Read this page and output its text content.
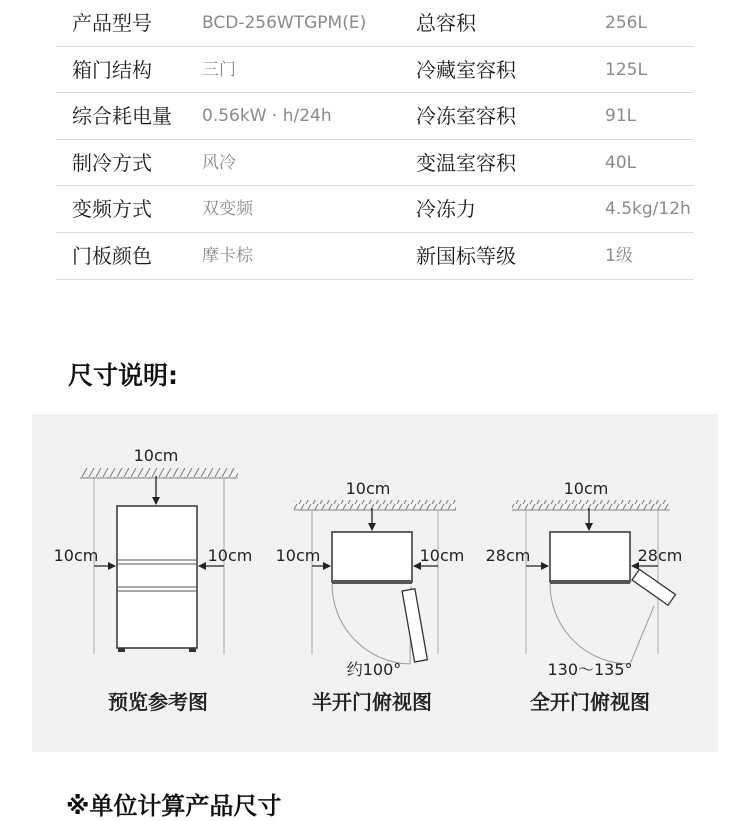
产品型号	BCD-256WTGPM(E) 总容积	256L
箱门结构	三门	冷藏室容积	125L
综合耗电量 0.56kW · h/24h	冷冻室容积	91L
制冷方式	风冷	变温室容积	40L
变频方式	双变频	冷冻力	4.5kg/12h
门板颜色	摩卡棕	新国标等级	1级
尺寸说明:
10cm
10cm	10cm
10cm
10cm	10cm
约100°
10cm
28cm	28cm
130～135°
预览参考图	半开门俯视图	全开门俯视图
※单位计算产品尺寸
